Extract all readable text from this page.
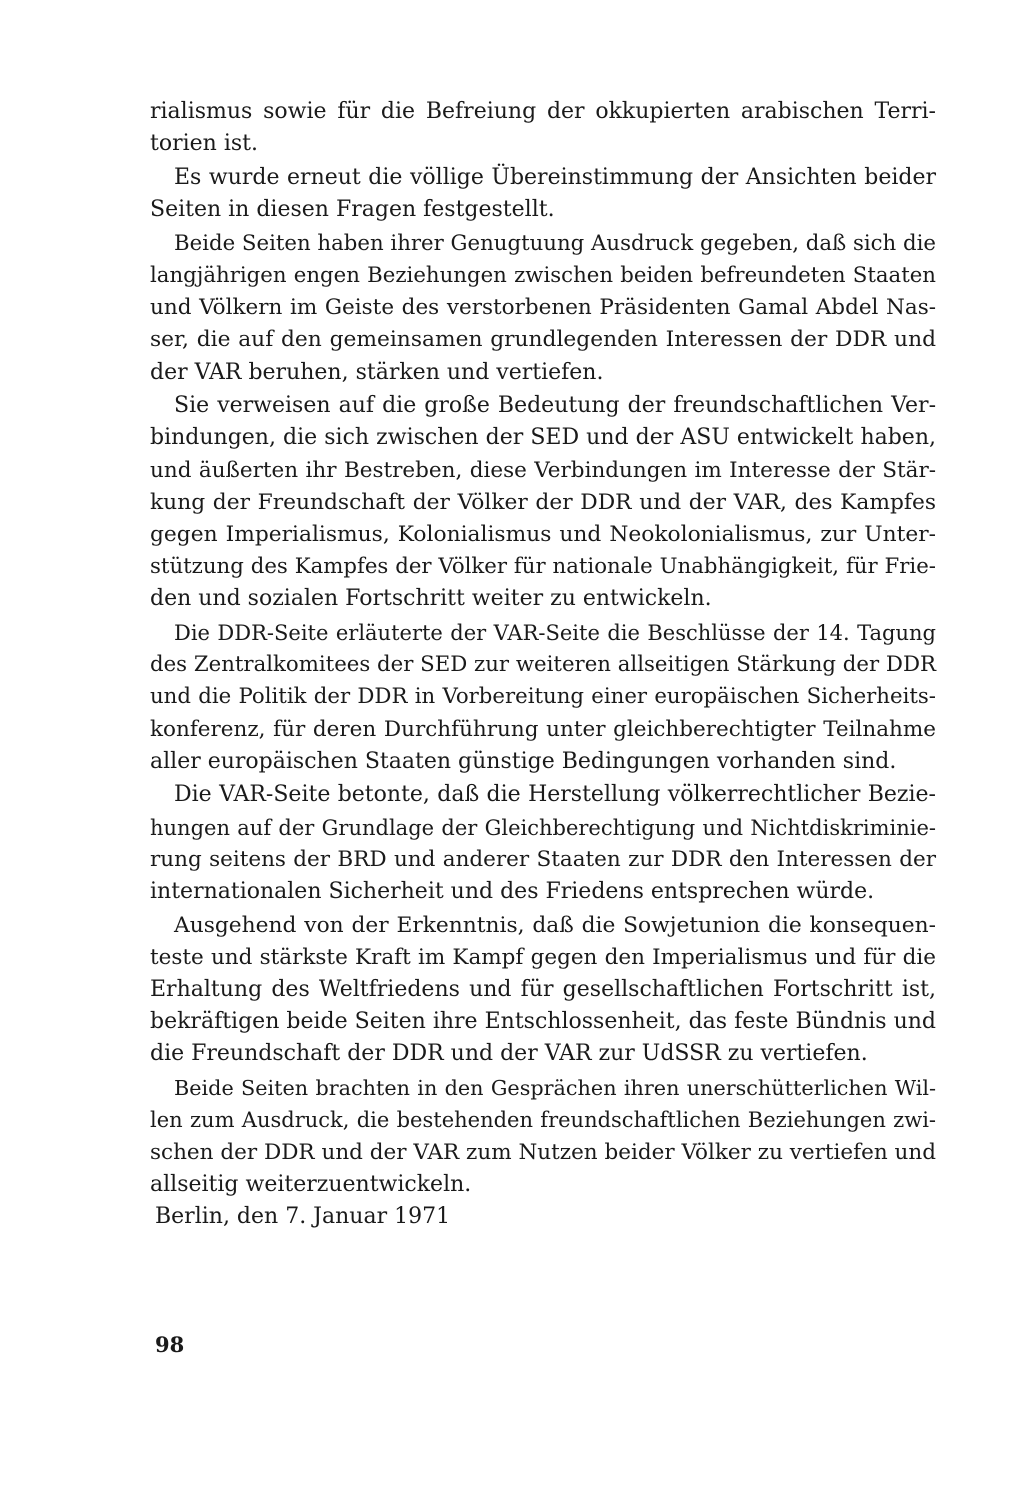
rialismus sowie für die Befreiung der okkupierten arabischen Terri-
torien ist.
Es wurde erneut die völlige Übereinstimmung der Ansichten beider
Seiten in diesen Fragen festgestellt.
Beide Seiten haben ihrer Genugtuung Ausdruck gegeben, daß sich die
langjährigen engen Beziehungen zwischen beiden befreundeten Staaten
und Völkern im Geiste des verstorbenen Präsidenten Gamal Abdel Nas-
ser, die auf den gemeinsamen grundlegenden Interessen der DDR und
der VAR beruhen, stärken und vertiefen.
Sie verweisen auf die große Bedeutung der freundschaftlichen Ver-
bindungen, die sich zwischen der SED und der ASU entwickelt haben,
und äußerten ihr Bestreben, diese Verbindungen im Interesse der Stär-
kung der Freundschaft der Völker der DDR und der VAR, des Kampfes
gegen Imperialismus, Kolonialismus und Neokolonialismus, zur Unter-
stützung des Kampfes der Völker für nationale Unabhängigkeit, für Frie-
den und sozialen Fortschritt weiter zu entwickeln.
Die DDR-Seite erläuterte der VAR-Seite die Beschlüsse der 14. Tagung
des Zentralkomitees der SED zur weiteren allseitigen Stärkung der DDR
und die Politik der DDR in Vorbereitung einer europäischen Sicherheits-
konferenz, für deren Durchführung unter gleichberechtigter Teilnahme
aller europäischen Staaten günstige Bedingungen vorhanden sind.
Die VAR-Seite betonte, daß die Herstellung völkerrechtlicher Bezie-
hungen auf der Grundlage der Gleichberechtigung und Nichtdiskriminie-
rung seitens der BRD und anderer Staaten zur DDR den Interessen der
internationalen Sicherheit und des Friedens entsprechen würde.
Ausgehend von der Erkenntnis, daß die Sowjetunion die konsequen-
teste und stärkste Kraft im Kampf gegen den Imperialismus und für die
Erhaltung des Weltfriedens und für gesellschaftlichen Fortschritt ist,
bekräftigen beide Seiten ihre Entschlossenheit, das feste Bündnis und
die Freundschaft der DDR und der VAR zur UdSSR zu vertiefen.
Beide Seiten brachten in den Gesprächen ihren unerschütterlichen Wil-
len zum Ausdruck, die bestehenden freundschaftlichen Beziehungen zwi-
schen der DDR und der VAR zum Nutzen beider Völker zu vertiefen und
allseitig weiterzuentwickeln.
Berlin, den 7. Januar 1971
98
